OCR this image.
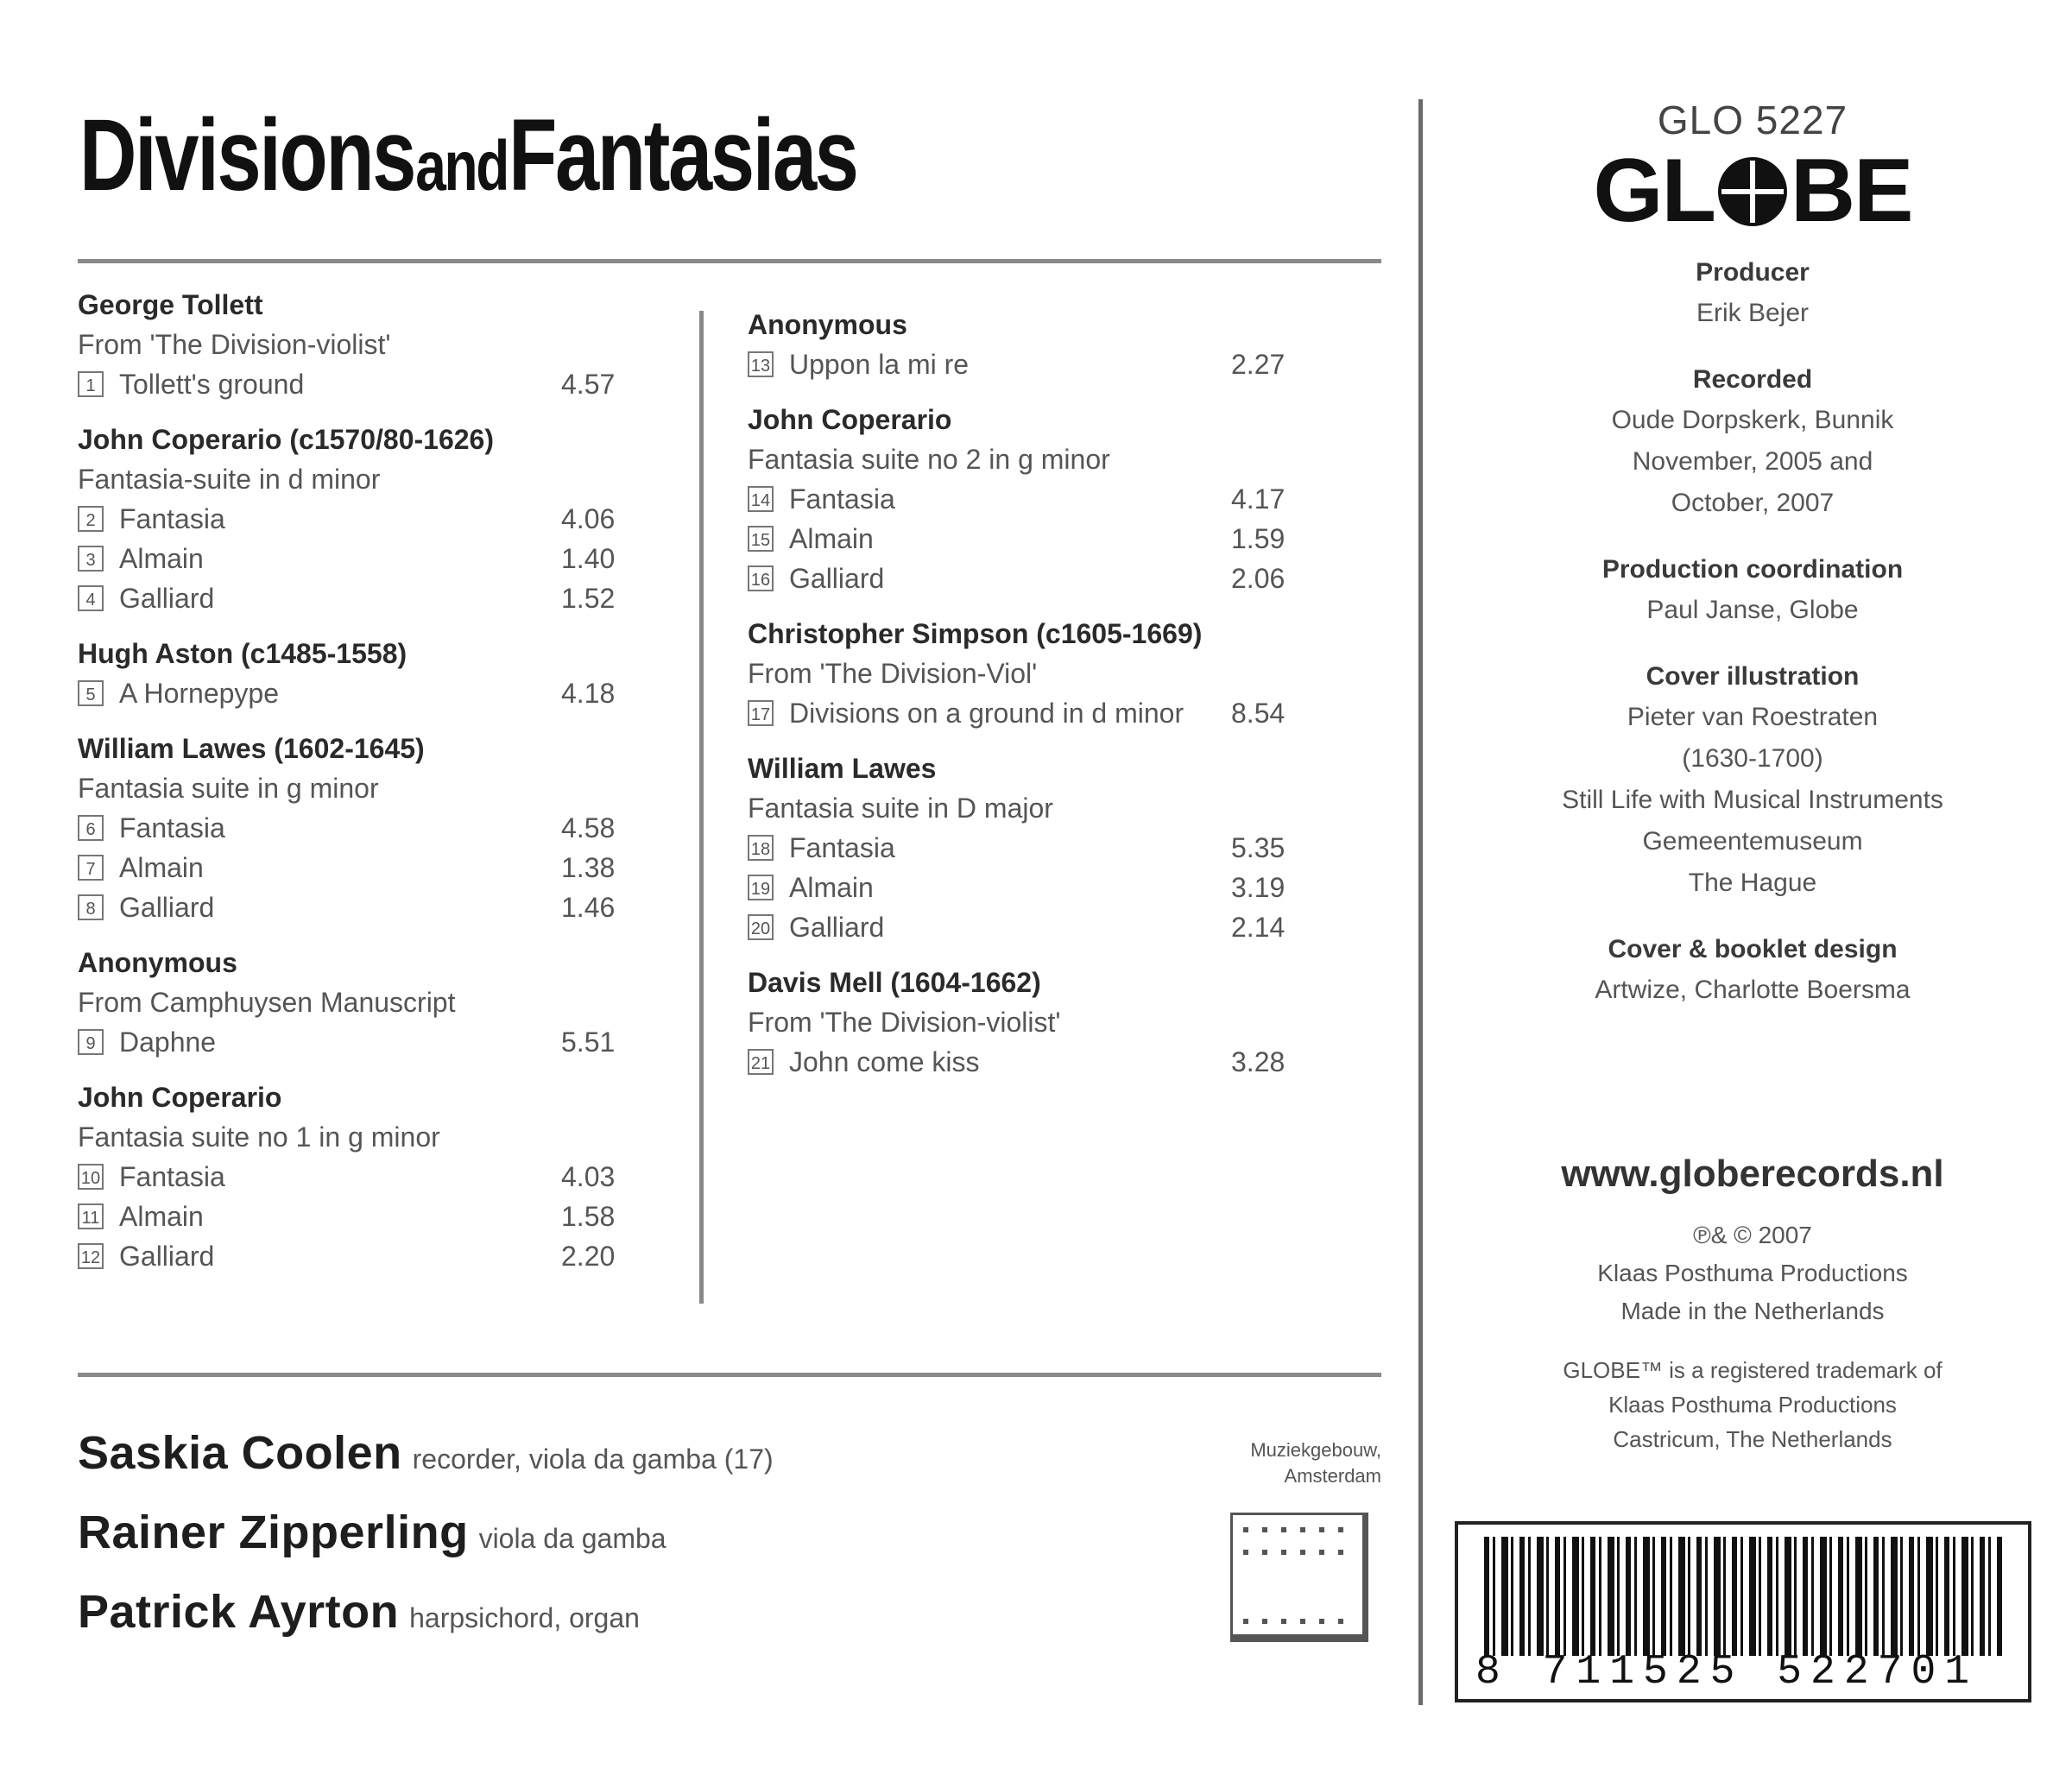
Divisions and Fantasias
George Tollett
From 'The Division-violist'
1 Tollett's ground	4.57
John Coperario (c1570/80-1626)
Fantasia-suite in d minor
2 Fantasia	4.06
3 Almain	1.40
4 Galliard	1.52
Hugh Aston (c1485-1558)
5 A Hornepype	4.18
William Lawes (1602-1645)
Fantasia suite in g minor
6 Fantasia	4.58
7 Almain	1.38
8 Galliard	1.46
Anonymous
From Camphuysen Manuscript
9 Daphne	5.51
John Coperario
Fantasia suite no 1 in g minor
10 Fantasia	4.03
11 Almain	1.58
12 Galliard	2.20
Anonymous
13 Uppon la mi re	2.27
John Coperario
Fantasia suite no 2 in g minor
14 Fantasia	4.17
15 Almain	1.59
16 Galliard	2.06
Christopher Simpson (c1605-1669)
From 'The Division-Viol'
17 Divisions on a ground in d minor	8.54
William Lawes
Fantasia suite in D major
18 Fantasia	5.35
19 Almain	3.19
20 Galliard	2.14
Davis Mell (1604-1662)
From 'The Division-violist'
21 John come kiss	3.28
Saskia Coolen recorder, viola da gamba (17)
Rainer Zipperling viola da gamba
Patrick Ayrton harpsichord, organ
Muziekgebouw,
Amsterdam
GLO 5227
GL BE
Producer
Erik Bejer
Recorded
Oude Dorpskerk, Bunnik
November, 2005 and
October, 2007
Production coordination
Paul Janse, Globe
Cover illustration
Pieter van Roestraten
(1630-1700)
Still Life with Musical Instruments
Gemeentemuseum
The Hague
Cover & booklet design
Artwize, Charlotte Boersma
www.globerecords.nl
℗& © 2007
Klaas Posthuma Productions
Made in the Netherlands
GLOBE™ is a registered trademark of
Klaas Posthuma Productions
Castricum, The Netherlands
8 711525 522701
